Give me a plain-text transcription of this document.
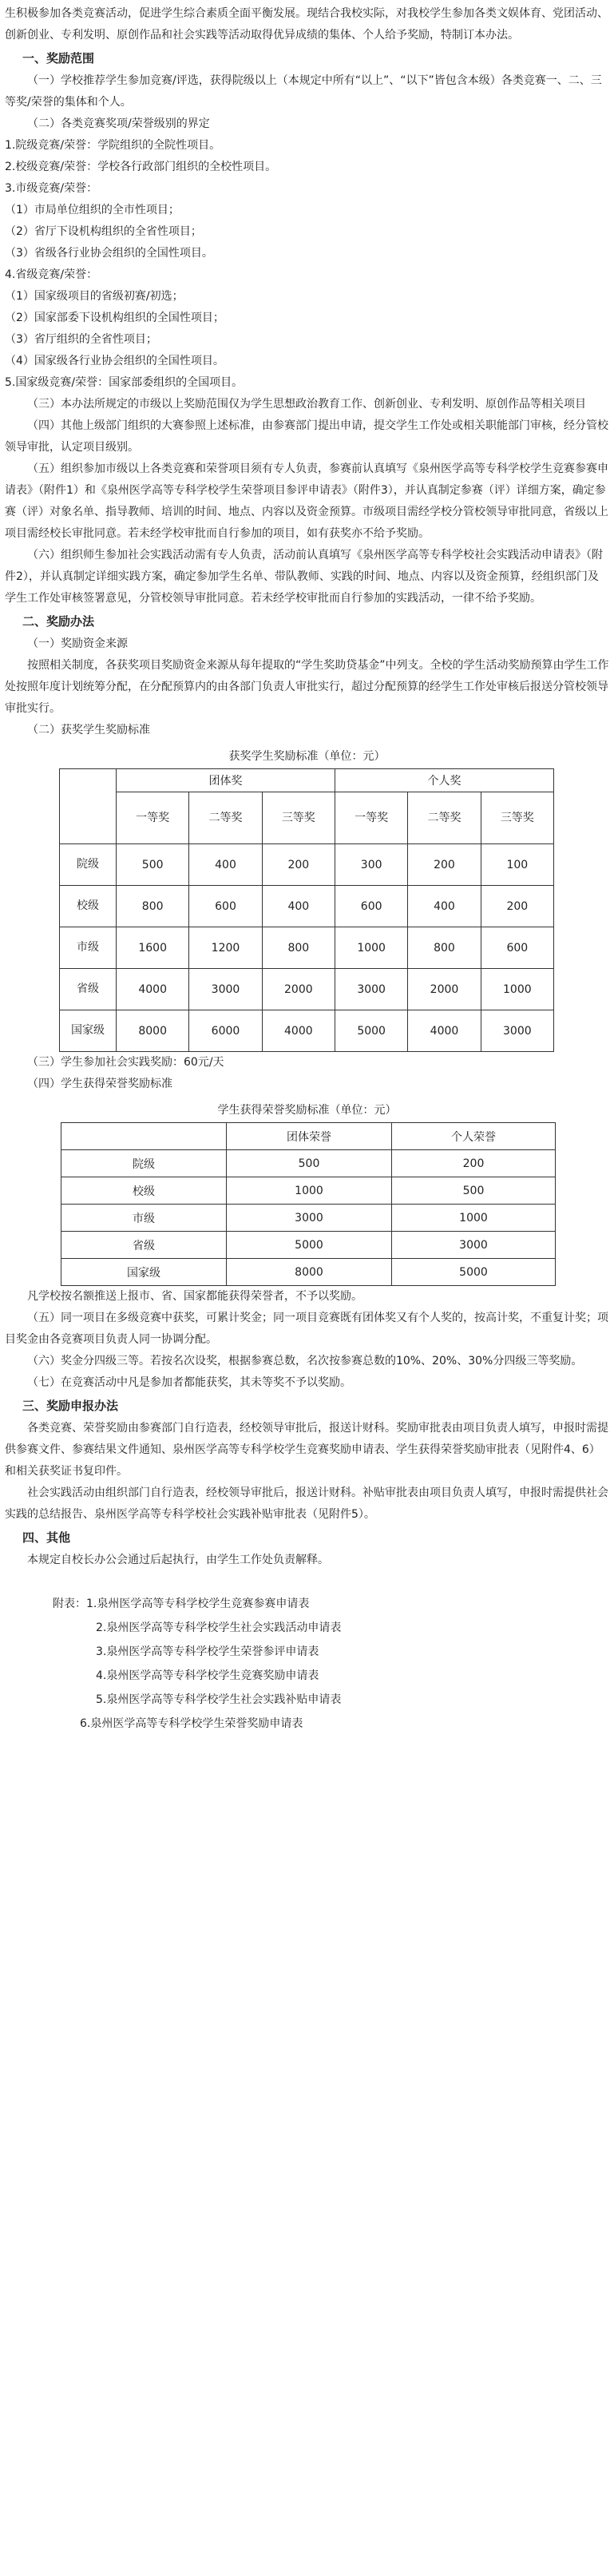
生积极参加各类竞赛活动，促进学生综合素质全面平衡发展。现结合我校实际，对我校学生参加各类文娱体育、党团活动、创新创业、专利发明、原创作品和社会实践等活动取得优异成绩的集体、个人给予奖励，特制订本办法。

一、奖励范围

（一）学校推荐学生参加竞赛/评选，获得院级以上（本规定中所有“以上”、“以下”皆包含本级）各类竞赛一、二、三等奖/荣誉的集体和个人。

（二）各类竞赛奖项/荣誉级别的界定

1.院级竞赛/荣誉：学院组织的全院性项目。

2.校级竞赛/荣誉：学校各行政部门组织的全校性项目。

3.市级竞赛/荣誉：

（1）市局单位组织的全市性项目；

（2）省厅下设机构组织的全省性项目；

（3）省级各行业协会组织的全国性项目。

4.省级竞赛/荣誉：

（1）国家级项目的省级初赛/初选；

（2）国家部委下设机构组织的全国性项目；

（3）省厅组织的全省性项目；

（4）国家级各行业协会组织的全国性项目。

5.国家级竞赛/荣誉：国家部委组织的全国项目。

（三）本办法所规定的市级以上奖励范围仅为学生思想政治教育工作、创新创业、专利发明、原创作品等相关项目

（四）其他上级部门组织的大赛参照上述标准，由参赛部门提出申请，提交学生工作处或相关职能部门审核，经分管校领导审批，认定项目级别。

（五）组织参加市级以上各类竞赛和荣誉项目须有专人负责，参赛前认真填写《泉州医学高等专科学校学生竞赛参赛申请表》（附件1）和《泉州医学高等专科学校学生荣誉项目参评申请表》（附件3），并认真制定参赛（评）详细方案，确定参赛（评）对象名单、指导教师、培训的时间、地点、内容以及资金预算。市级项目需经学校分管校领导审批同意，省级以上项目需经校长审批同意。若未经学校审批而自行参加的项目，如有获奖亦不给予奖励。

（六）组织师生参加社会实践活动需有专人负责，活动前认真填写《泉州医学高等专科学校社会实践活动申请表》（附件2），并认真制定详细实践方案，确定参加学生名单、带队教师、实践的时间、地点、内容以及资金预算，经组织部门及学生工作处审核签署意见，分管校领导审批同意。若未经学校审批而自行参加的实践活动，一律不给予奖励。

二、奖励办法

（一）奖励资金来源

按照相关制度，各获奖项目奖励资金来源从每年提取的“学生奖助贷基金”中列支。全校的学生活动奖励预算由学生工作处按照年度计划统筹分配，在分配预算内的由各部门负责人审批实行，超过分配预算的经学生工作处审核后报送分管校领导审批实行。

（二）获奖学生奖励标准

获奖学生奖励标准（单位：元）
	团体奖			个人奖		
	一等奖	二等奖	三等奖	一等奖	二等奖	三等奖
院级	500	400	200	300	200	100
校级	800	600	400	600	400	200
市级	1600	1200	800	1000	800	600
省级	4000	3000	2000	3000	2000	1000
国家级	8000	6000	4000	5000	4000	3000

（三）学生参加社会实践奖励：60元/天

（四）学生获得荣誉奖励标准

学生获得荣誉奖励标准（单位：元）
	团体荣誉	个人荣誉
院级	500	200
校级	1000	500
市级	3000	1000
省级	5000	3000
国家级	8000	5000

凡学校按名额推送上报市、省、国家都能获得荣誉者，不予以奖励。

（五）同一项目在多级竞赛中获奖，可累计奖金；同一项目竞赛既有团体奖又有个人奖的，按高计奖，不重复计奖；项目奖金由各竞赛项目负责人同一协调分配。

（六）奖金分四级三等。若按名次设奖，根据参赛总数，名次按参赛总数的10%、20%、30%分四级三等奖励。

（七）在竞赛活动中凡是参加者都能获奖，其未等奖不予以奖励。

三、奖励申报办法

各类竞赛、荣誉奖励由参赛部门自行造表，经校领导审批后，报送计财科。奖励审批表由项目负责人填写，申报时需提供参赛文件、参赛结果文件通知、泉州医学高等专科学校学生竞赛奖励申请表、学生获得荣誉奖励审批表（见附件4、6）和相关获奖证书复印件。

社会实践活动由组织部门自行造表，经校领导审批后，报送计财科。补贴审批表由项目负责人填写，申报时需提供社会实践的总结报告、泉州医学高等专科学校社会实践补贴审批表（见附件5）。

四、其他

本规定自校长办公会通过后起执行，由学生工作处负责解释。

附表：1.泉州医学高等专科学校学生竞赛参赛申请表
2.泉州医学高等专科学校学生社会实践活动申请表
3.泉州医学高等专科学校学生荣誉参评申请表
4.泉州医学高等专科学校学生竞赛奖励申请表
5.泉州医学高等专科学校学生社会实践补贴申请表
6.泉州医学高等专科学校学生荣誉奖励申请表
